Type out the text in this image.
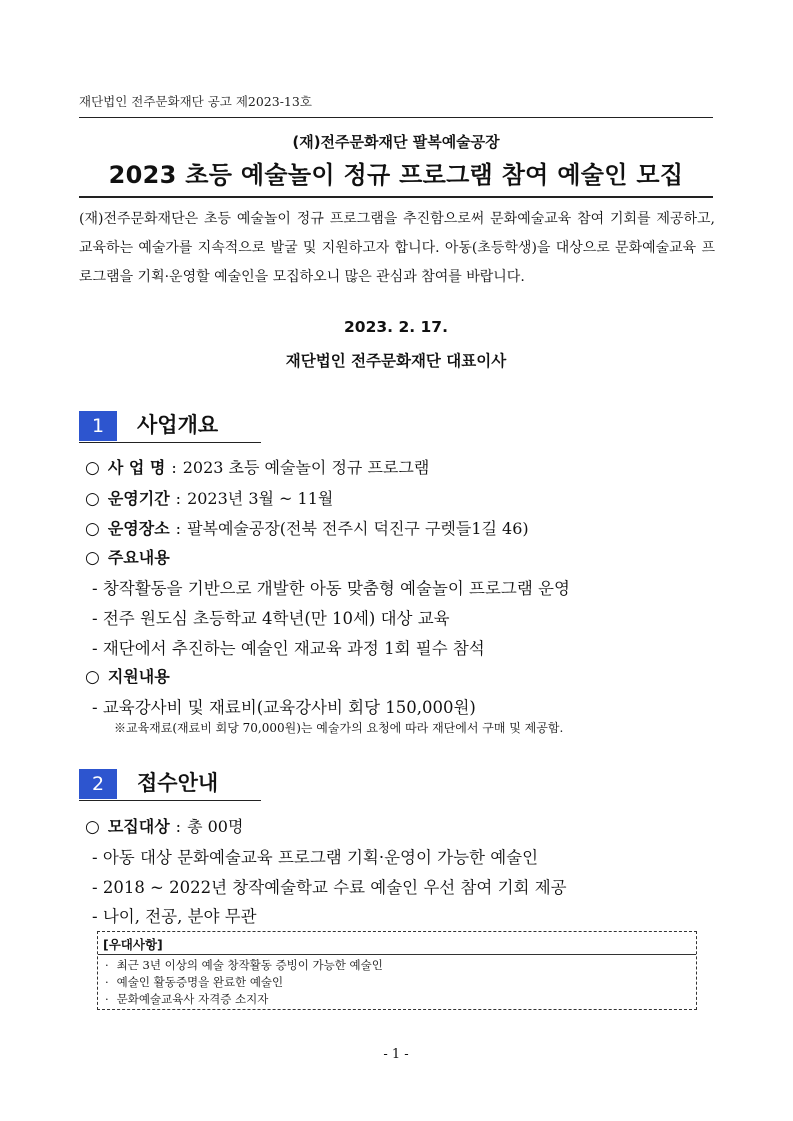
재단법인 전주문화재단 공고 제2023-13호
(재)전주문화재단 팔복예술공장
2023 초등 예술놀이 정규 프로그램 참여 예술인 모집
(재)전주문화재단은 초등 예술놀이 정규 프로그램을 추진함으로써 문화예술교육 참여 기회를 제공하고, 교육하는 예술가를 지속적으로 발굴 및 지원하고자 합니다. 아동(초등학생)을 대상으로 문화예술교육 프로그램을 기획·운영할 예술인을 모집하오니 많은 관심과 참여를 바랍니다.
2023. 2. 17.
재단법인 전주문화재단 대표이사
1	사업개요
○ 사 업 명 : 2023 초등 예술놀이 정규 프로그램
○ 운영기간 : 2023년 3월 ~ 11월
○ 운영장소 : 팔복예술공장(전북 전주시 덕진구 구렛들1길 46)
○ 주요내용
- 창작활동을 기반으로 개발한 아동 맞춤형 예술놀이 프로그램 운영
- 전주 원도심 초등학교 4학년(만 10세) 대상 교육
- 재단에서 추진하는 예술인 재교육 과정 1회 필수 참석
○ 지원내용
- 교육강사비 및 재료비(교육강사비 회당 150,000원)
※교육재료(재료비 회당 70,000원)는 예술가의 요청에 따라 재단에서 구매 및 제공함.
2	접수안내
○ 모집대상 : 총 00명
- 아동 대상 문화예술교육 프로그램 기획·운영이 가능한 예술인
- 2018 ~ 2022년 창작예술학교 수료 예술인 우선 참여 기회 제공
- 나이, 전공, 분야 무관
[우대사항]
· 최근 3년 이상의 예술 창작활동 증빙이 가능한 예술인
· 예술인 활동증명을 완료한 예술인
· 문화예술교육사 자격증 소지자
- 1 -
